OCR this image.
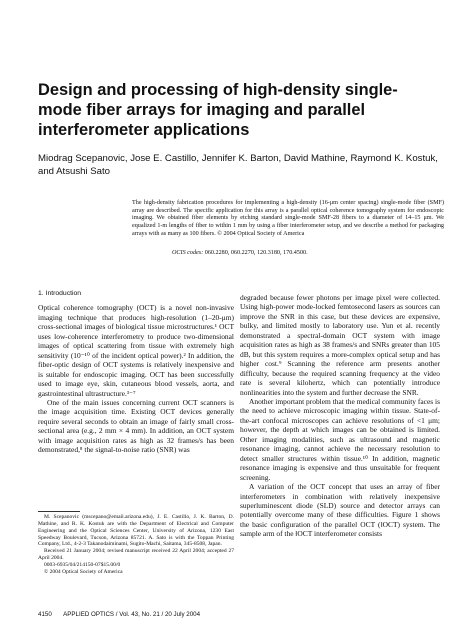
Design and processing of high-density single-mode fiber arrays for imaging and parallel interferometer applications
Miodrag Scepanovic, Jose E. Castillo, Jennifer K. Barton, David Mathine, Raymond K. Kostuk, and Atsushi Sato
The high-density fabrication procedures for implementing a high-density (16-μm center spacing) single-mode fiber (SMF) array are described. The specific application for this array is a parallel optical coherence tomography system for endoscopic imaging. We obtained fiber elements by etching standard single-mode SMF-28 fibers to a diameter of 14–15 μm. We equalized 1-m lengths of fiber to within 1 mm by using a fiber interferometer setup, and we describe a method for packaging arrays with as many as 100 fibers. © 2004 Optical Society of America
OCIS codes: 060.2280, 060.2270, 120.3180, 170.4500.
1. Introduction

Optical coherence tomography (OCT) is a novel non-invasive imaging technique that produces high-resolution (1–20-μm) cross-sectional images of biological tissue microstructures.¹ OCT uses low-coherence interferometry to produce two-dimensional images of optical scattering from tissue with extremely high sensitivity (10⁻¹⁰ of the incident optical power).² In addition, the fiber-optic design of OCT systems is relatively inexpensive and is suitable for endoscopic imaging. OCT has been successfully used to image eye, skin, cutaneous blood vessels, aorta, and gastrointestinal ultrastructure.³⁻⁷

One of the main issues concerning current OCT scanners is the image acquisition time. Existing OCT devices generally require several seconds to obtain an image of fairly small cross-sectional area (e.g., 2 mm × 4 mm). In addition, an OCT system with image acquisition rates as high as 32 frames/s has been demonstrated,⁸ the signal-to-noise ratio (SNR) was

degraded because fewer photons per image pixel were collected. Using high-power mode-locked femtosecond lasers as sources can improve the SNR in this case, but these devices are expensive, bulky, and limited mostly to laboratory use. Yun et al. recently demonstrated a spectral-domain OCT system with image acquisition rates as high as 38 frames/s and SNRs greater than 105 dB, but this system requires a more-complex optical setup and has higher cost.⁹ Scanning the reference arm presents another difficulty, because the required scanning frequency at the video rate is several kilohertz, which can potentially introduce nonlinearities into the system and further decrease the SNR.

Another important problem that the medical community faces is the need to achieve microscopic imaging within tissue. State-of-the-art confocal microscopes can achieve resolutions of <1 μm; however, the depth at which images can be obtained is limited. Other imaging modalities, such as ultrasound and magnetic resonance imaging, cannot achieve the necessary resolution to detect smaller structures within tissue.¹⁰ In addition, magnetic resonance imaging is expensive and thus unsuitable for frequent screening.

A variation of the OCT concept that uses an array of fiber interferometers in combination with relatively inexpensive superluminescent diode (SLD) source and detector arrays can potentially overcome many of these difficulties. Figure 1 shows the basic configuration of the parallel OCT (ǁOCT) system. The sample arm of the ǁOCT interferometer consists

M. Scepanovic (mscepano@email.arizona.edu), J. E. Castillo, J. K. Barton, D. Mathine, and R. K. Kostuk are with the Department of Electrical and Computer Engineering and the Optical Sciences Center, University of Arizona, 1230 East Speedway Boulevard, Tucson, Arizona 85721. A. Sato is with the Toppan Printing Company, Ltd., 4-2-3 Takanodaiminami, Sugito-Machi, Saitama, 345-8508, Japan.

Received 21 January 2004; revised manuscript received 22 April 2004; accepted 27 April 2004.

0003-6935/04/214150-07$15.00/0

© 2004 Optical Society of America

4150 APPLIED OPTICS / Vol. 43, No. 21 / 20 July 2004
